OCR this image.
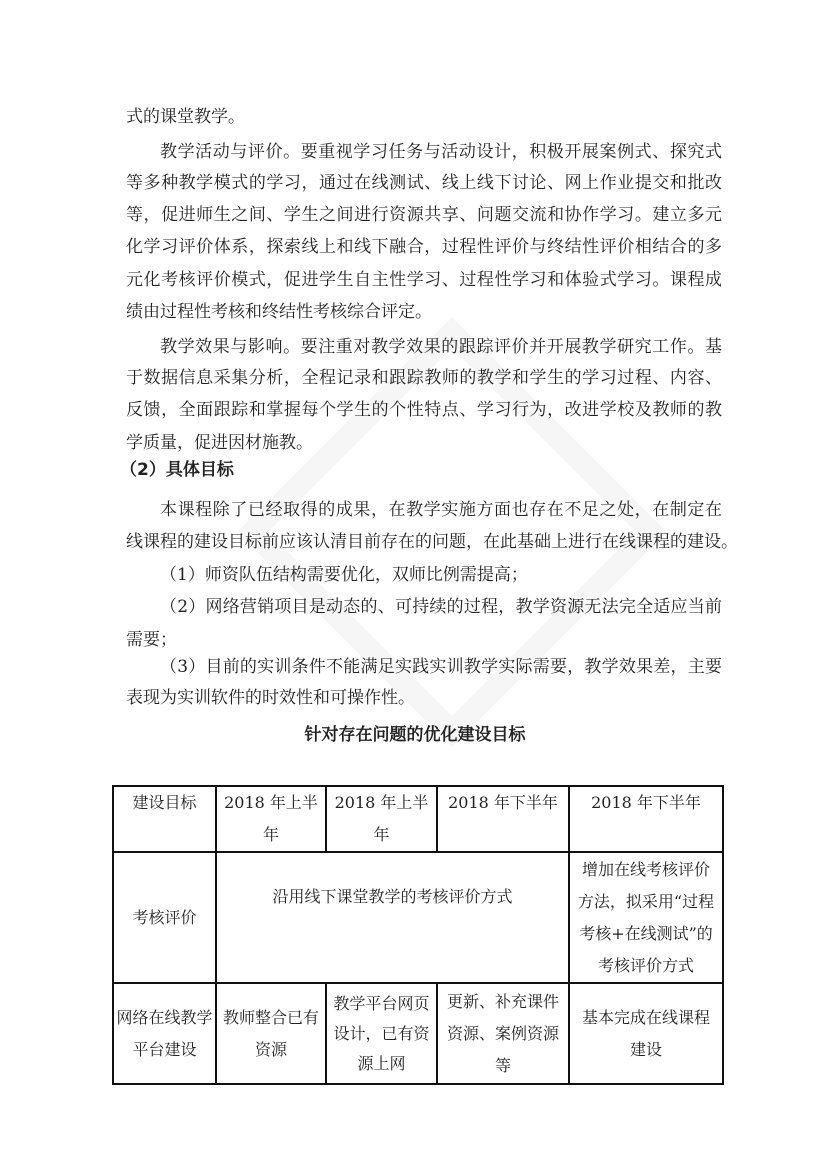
式的课堂教学。
教学活动与评价。要重视学习任务与活动设计，积极开展案例式、探究式
等多种教学模式的学习，通过在线测试、线上线下讨论、网上作业提交和批改
等，促进师生之间、学生之间进行资源共享、问题交流和协作学习。建立多元
化学习评价体系，探索线上和线下融合，过程性评价与终结性评价相结合的多
元化考核评价模式，促进学生自主性学习、过程性学习和体验式学习。课程成
绩由过程性考核和终结性考核综合评定。
教学效果与影响。要注重对教学效果的跟踪评价并开展教学研究工作。基
于数据信息采集分析，全程记录和跟踪教师的教学和学生的学习过程、内容、
反馈，全面跟踪和掌握每个学生的个性特点、学习行为，改进学校及教师的教
学质量，促进因材施教。
（2）具体目标
本课程除了已经取得的成果，在教学实施方面也存在不足之处，在制定在
线课程的建设目标前应该认清目前存在的问题，在此基础上进行在线课程的建设。
（1）师资队伍结构需要优化，双师比例需提高；
（2）网络营销项目是动态的、可持续的过程，教学资源无法完全适应当前
需要；
（3）目前的实训条件不能满足实践实训教学实际需要，教学效果差，主要
表现为实训软件的时效性和可操作性。
针对存在问题的优化建设目标
建设目标	2018 年上半年	2018 年上半年	2018 年下半年	2018 年下半年
考核评价	沿用线下课堂教学的考核评价方式			增加在线考核评价方法，拟采用“过程考核+在线测试”的考核评价方式
网络在线教学平台建设	教师整合已有资源	教学平台网页设计，已有资源上网	更新、补充课件资源、案例资源等	基本完成在线课程建设
